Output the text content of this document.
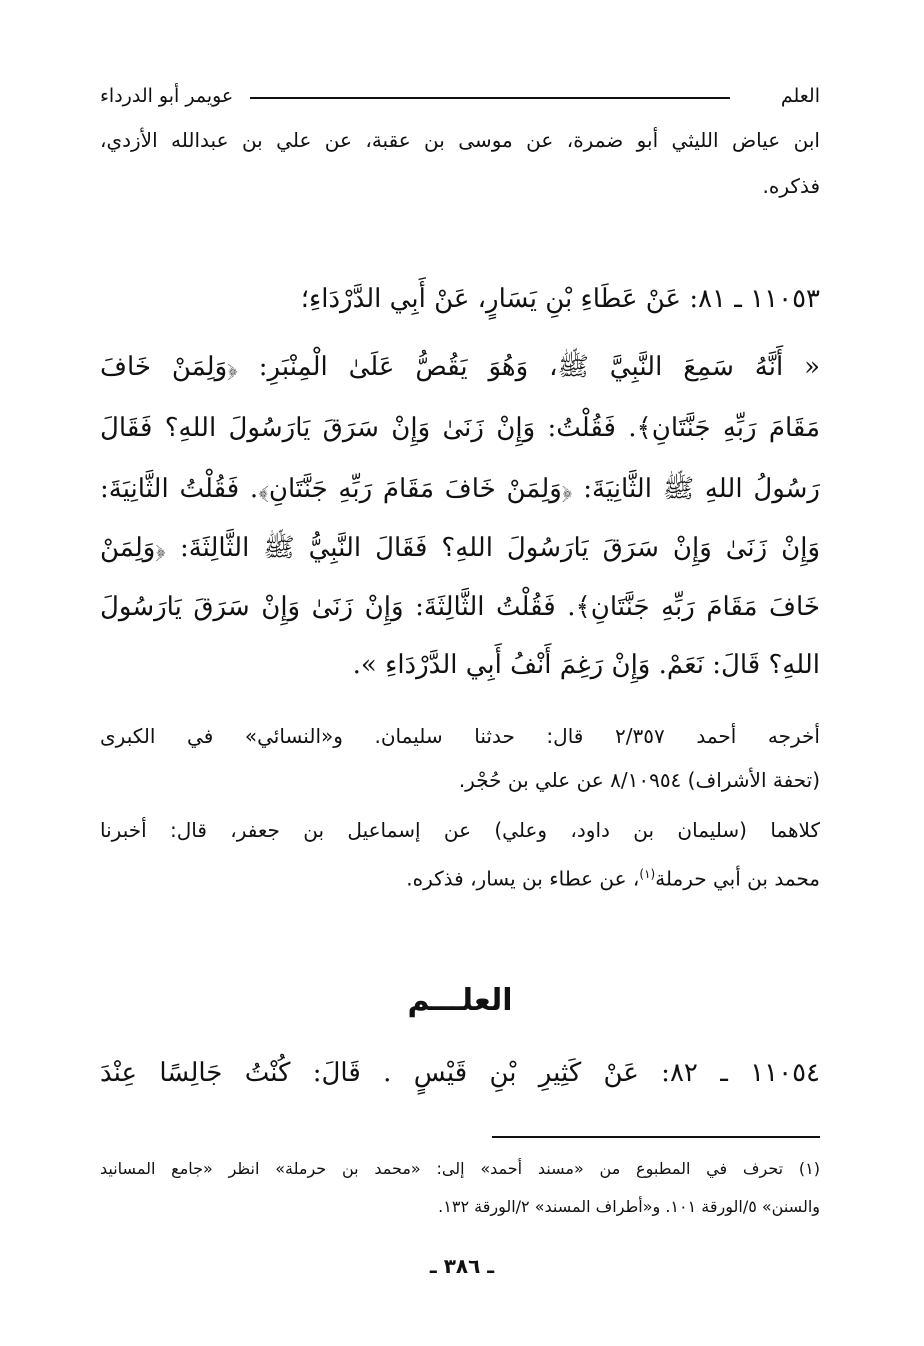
العلم
عويمر أبو الدرداء
ابن عياض الليثي أبو ضمرة، عن موسى بن عقبة، عن علي بن عبدالله الأزدي،
فذكره.
١١٠٥٣ ـ ٨١: عَنْ عَطَاءِ بْنِ يَسَارٍ، عَنْ أَبِي الدَّرْدَاءِ؛
« أَنَّهُ سَمِعَ النَّبِيَّ ﷺ، وَهُوَ يَقُصُّ عَلَىٰ الْمِنْبَرِ: ﴿وَلِمَنْ خَافَ
مَقَامَ رَبِّهِ جَنَّتَانِ﴾. فَقُلْتُ: وَإِنْ زَنَىٰ وَإِنْ سَرَقَ يَارَسُولَ اللهِ؟ فَقَالَ
رَسُولُ اللهِ ﷺ الثَّانِيَةَ: ﴿وَلِمَنْ خَافَ مَقَامَ رَبِّهِ جَنَّتَانِ﴾. فَقُلْتُ الثَّانِيَةَ:
وَإِنْ زَنَىٰ وَإِنْ سَرَقَ يَارَسُولَ اللهِ؟ فَقَالَ النَّبِيُّ ﷺ الثَّالِثَةَ: ﴿وَلِمَنْ
خَافَ مَقَامَ رَبِّهِ جَنَّتَانِ﴾. فَقُلْتُ الثَّالِثَةَ: وَإِنْ زَنَىٰ وَإِنْ سَرَقَ يَارَسُولَ
اللهِ؟ قَالَ: نَعَمْ. وَإِنْ رَغِمَ أَنْفُ أَبِي الدَّرْدَاءِ ».
أخرجه أحمد ٢/٣٥٧ قال: حدثنا سليمان. و«النسائي» في الكبرى
(تحفة الأشراف) ٨/١٠٩٥٤ عن علي بن حُجْر.
كلاهما (سليمان بن داود، وعلي) عن إسماعيل بن جعفر، قال: أخبرنا
محمد بن أبي حرملة$^{(١)}$، عن عطاء بن يسار، فذكره.
العلـــم
١١٠٥٤ ـ ٨٢: عَنْ كَثِيرِ بْنِ قَيْسٍ . قَالَ: كُنْتُ جَالِسًا عِنْدَ
(١) تحرف في المطبوع من «مسند أحمد» إلى: «محمد بن حرملة» انظر «جامع المسانيد
والسنن» ٥/الورقة ١٠١. و«أطراف المسند» ٢/الورقة ١٣٢.
ـ ٣٨٦ ـ
